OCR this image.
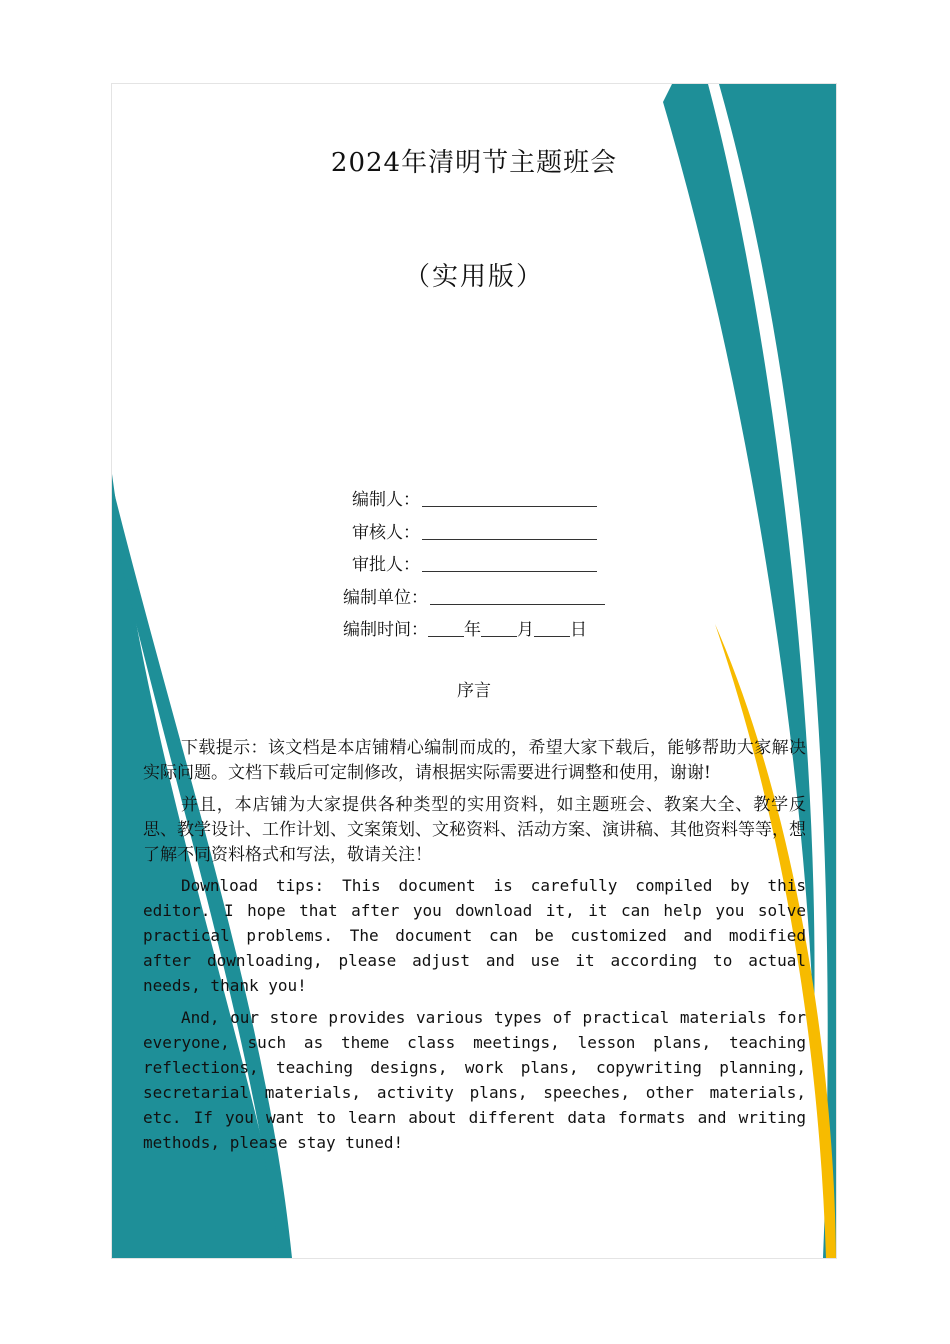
2024年清明节主题班会
（实用版）
编制人：
审核人：
审批人：
编制单位：
编制时间： 年 月 日
序言

下载提示：该文档是本店铺精心编制而成的，希望大家下载后，能够帮助大家解决实际问题。文档下载后可定制修改，请根据实际需要进行调整和使用，谢谢!

并且，本店铺为大家提供各种类型的实用资料，如主题班会、教案大全、教学反思、教学设计、工作计划、文案策划、文秘资料、活动方案、演讲稿、其他资料等等，想了解不同资料格式和写法，敬请关注！

Download tips: This document is carefully compiled by this editor. I hope that after you download it, it can help you solve practical problems. The document can be customized and modified after downloading, please adjust and use it according to actual needs, thank you!

And, our store provides various types of practical materials for everyone, such as theme class meetings, lesson plans, teaching reflections, teaching designs, work plans, copywriting planning, secretarial materials, activity plans, speeches, other materials, etc. If you want to learn about different data formats and writing methods, please stay tuned!
